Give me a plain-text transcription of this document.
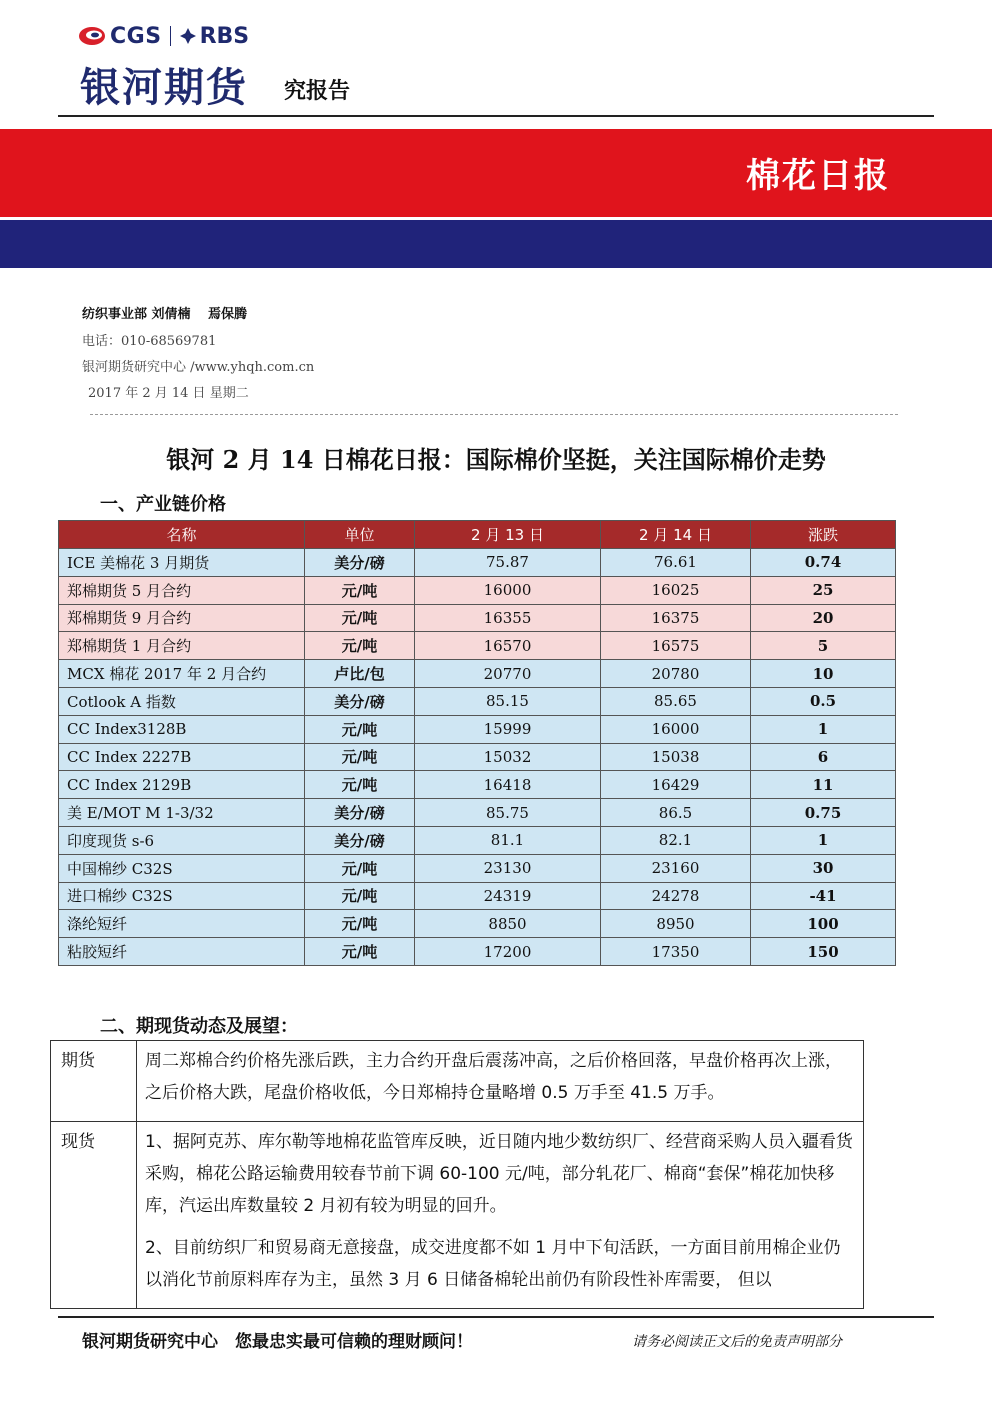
CGS RBS
银河期货 究报告
棉花日报
纺织事业部 刘倩楠　 焉保腾
电话：010-68569781
银河期货研究中心 /www.yhqh.com.cn
2017 年 2 月 14 日 星期二
银河 2 月 14 日棉花日报：国际棉价坚挺，关注国际棉价走势
一、产业链价格
名称	单位	2 月 13 日	2 月 14 日	涨跌
ICE 美棉花 3 月期货	美分/磅	75.87	76.61	0.74
郑棉期货 5 月合约	元/吨	16000	16025	25
郑棉期货 9 月合约	元/吨	16355	16375	20
郑棉期货 1 月合约	元/吨	16570	16575	5
MCX 棉花 2017 年 2 月合约	卢比/包	20770	20780	10
Cotlook A 指数	美分/磅	85.15	85.65	0.5
CC Index3128B	元/吨	15999	16000	1
CC Index 2227B	元/吨	15032	15038	6
CC Index 2129B	元/吨	16418	16429	11
美 E/MOT M 1-3/32	美分/磅	85.75	86.5	0.75
印度现货 s-6	美分/磅	81.1	82.1	1
中国棉纱 C32S	元/吨	23130	23160	30
进口棉纱 C32S	元/吨	24319	24278	-41
涤纶短纤	元/吨	8850	8950	100
粘胶短纤	元/吨	17200	17350	150
二、期现货动态及展望：
期货	周二郑棉合约价格先涨后跌，主力合约开盘后震荡冲高，之后价格回落，早盘价格再次上涨，之后价格大跌，尾盘价格收低，今日郑棉持仓量略增 0.5 万手至 41.5 万手。
现货	1、据阿克苏、库尔勒等地棉花监管库反映，近日随内地少数纺织厂、经营商采购人员入疆看货采购，棉花公路运输费用较春节前下调 60-100 元/吨，部分轧花厂、棉商“套保”棉花加快移库，汽运出库数量较 2 月初有较为明显的回升。

2、目前纺织厂和贸易商无意接盘，成交进度都不如 1 月中下旬活跃，一方面目前用棉企业仍以消化节前原料库存为主，虽然 3 月 6 日储备棉轮出前仍有阶段性补库需要， 但以

银河期货研究中心　您最忠实最可信赖的理财顾问！	请务必阅读正文后的免责声明部分
